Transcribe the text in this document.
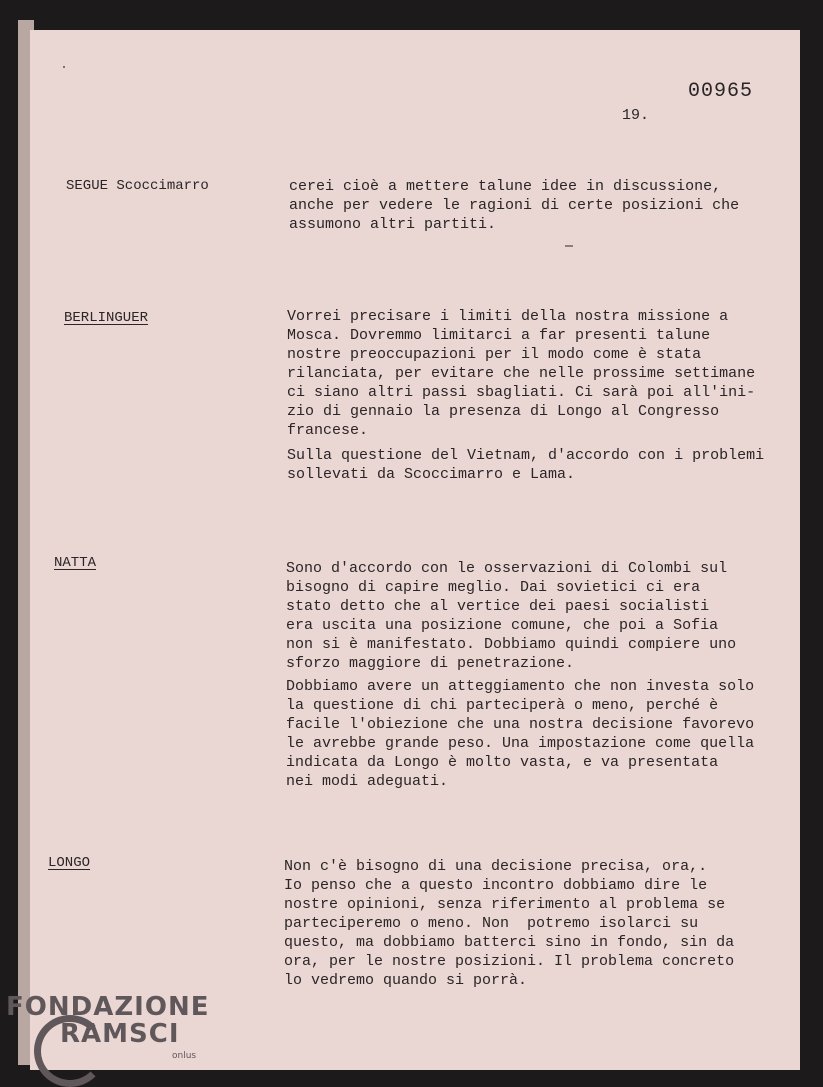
00965
19.
SEGUE Scoccimarro	cerei cioè a mettere talune idee in discussione,
anche per vedere le ragioni di certe posizioni che
assumono altri partiti.

BERLINGUER	Vorrei precisare i limiti della nostra missione a
Mosca. Dovremmo limitarci a far presenti talune
nostre preoccupazioni per il modo come è stata
rilanciata, per evitare che nelle prossime settimane
ci siano altri passi sbagliati. Ci sarà poi all'ini-
zio di gennaio la presenza di Longo al Congresso
francese.

Sulla questione del Vietnam, d'accordo con i problemi
sollevati da Scoccimarro e Lama.

NATTA	Sono d'accordo con le osservazioni di Colombi sul
bisogno di capire meglio. Dai sovietici ci era
stato detto che al vertice dei paesi socialisti
era uscita una posizione comune, che poi a Sofia
non si è manifestato. Dobbiamo quindi compiere uno
sforzo maggiore di penetrazione.

Dobbiamo avere un atteggiamento che non investa solo
la questione di chi parteciperà o meno, perché è
facile l'obiezione che una nostra decisione favorevo
le avrebbe grande peso. Una impostazione come quella
indicata da Longo è molto vasta, e va presentata
nei modi adeguati.

LONGO	Non c'è bisogno di una decisione precisa, ora,.
Io penso che a questo incontro dobbiamo dire le
nostre opinioni, senza riferimento al problema se
parteciperemo o meno. Non  potremo isolarci su
questo, ma dobbiamo batterci sino in fondo, sin da
ora, per le nostre posizioni. Il problema concreto
lo vedremo quando si porrà.

FONDAZIONE
RAMSCI
onlus
